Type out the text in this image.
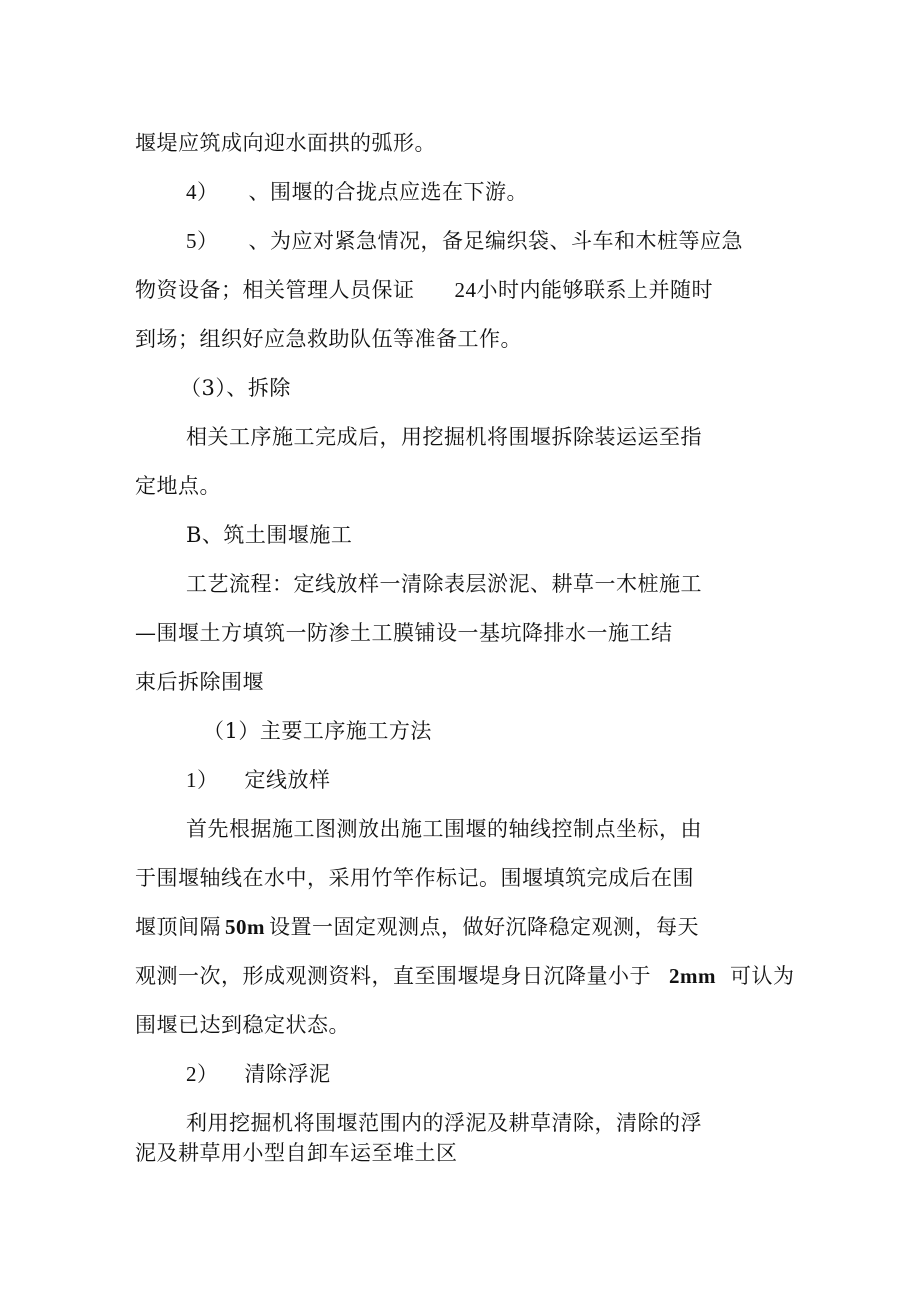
堰堤应筑成向迎水面拱的弧形。
4） 、围堰的合拢点应选在下游。
5） 、为应对紧急情况，备足编织袋、斗车和木桩等应急
物资设备；相关管理人员保证 24小时内能够联系上并随时
到场；组织好应急救助队伍等准备工作。
（3）、拆除
相关工序施工完成后，用挖掘机将围堰拆除装运运至指
定地点。
B、筑土围堰施工
工艺流程：定线放样一清除表层淤泥、耕草一木桩施工
—围堰土方填筑一防渗土工膜铺设一基坑降排水一施工结
束后拆除围堰
（1）主要工序施工方法
1） 定线放样
首先根据施工图测放出施工围堰的轴线控制点坐标，由
于围堰轴线在水中，采用竹竿作标记。围堰填筑完成后在围
堰顶间隔 50m 设置一固定观测点，做好沉降稳定观测，每天
观测一次，形成观测资料，直至围堰堤身日沉降量小于 2mm 可认为
围堰已达到稳定状态。
2） 清除浮泥
利用挖掘机将围堰范围内的浮泥及耕草清除，清除的浮
泥及耕草用小型自卸车运至堆土区
